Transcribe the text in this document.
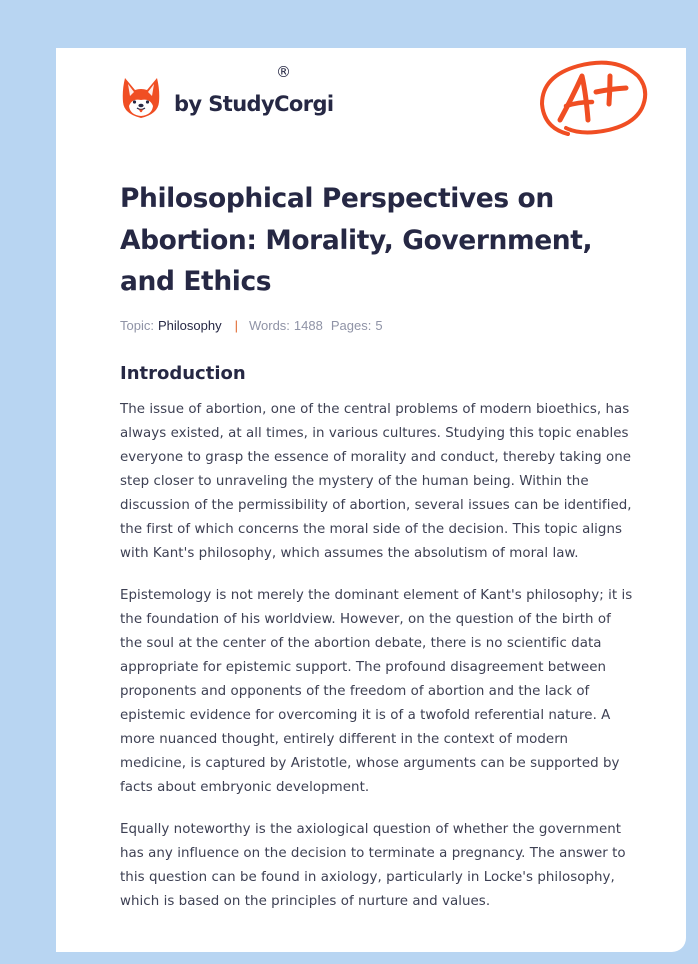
by StudyCorgi
®
Philosophical Perspectives on Abortion: Morality, Government, and Ethics
Topic: Philosophy | Words: 1488 Pages: 5
Introduction

The issue of abortion, one of the central problems of modern bioethics, has always existed, at all times, in various cultures. Studying this topic enables everyone to grasp the essence of morality and conduct, thereby taking one step closer to unraveling the mystery of the human being. Within the discussion of the permissibility of abortion, several issues can be identified, the first of which concerns the moral side of the decision. This topic aligns with Kant's philosophy, which assumes the absolutism of moral law.

Epistemology is not merely the dominant element of Kant's philosophy; it is the foundation of his worldview. However, on the question of the birth of the soul at the center of the abortion debate, there is no scientific data appropriate for epistemic support. The profound disagreement between proponents and opponents of the freedom of abortion and the lack of epistemic evidence for overcoming it is of a twofold referential nature. A more nuanced thought, entirely different in the context of modern medicine, is captured by Aristotle, whose arguments can be supported by facts about embryonic development.

Equally noteworthy is the axiological question of whether the government has any influence on the decision to terminate a pregnancy. The answer to this question can be found in axiology, particularly in Locke's philosophy, which is based on the principles of nurture and values.
